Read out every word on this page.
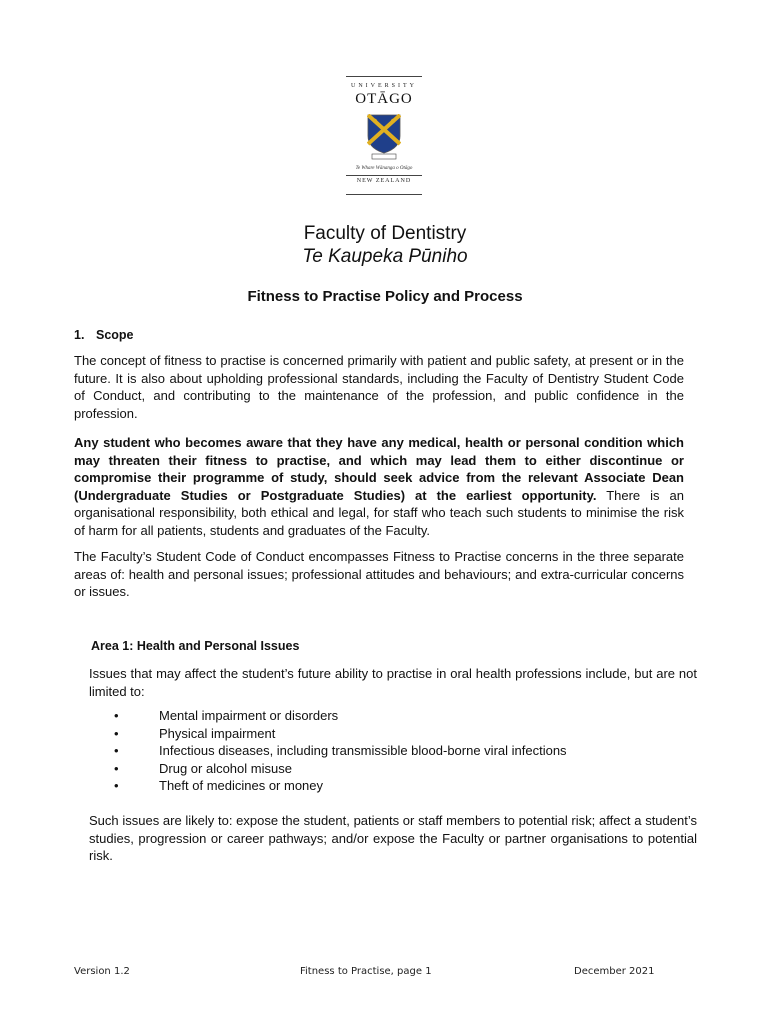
UNIVERSITY
OTĀGO
Te Whare Wānanga o Otāgo
NEW ZEALAND
Faculty of Dentistry
Te Kaupeka Pūniho
Fitness to Practise Policy and Process
1. Scope
The concept of fitness to practise is concerned primarily with patient and public safety, at present or in the future. It is also about upholding professional standards, including the Faculty of Dentistry Student Code of Conduct, and contributing to the maintenance of the profession, and public confidence in the profession.
Any student who becomes aware that they have any medical, health or personal condition which may threaten their fitness to practise, and which may lead them to either discontinue or compromise their programme of study, should seek advice from the relevant Associate Dean (Undergraduate Studies or Postgraduate Studies) at the earliest opportunity. There is an organisational responsibility, both ethical and legal, for staff who teach such students to minimise the risk of harm for all patients, students and graduates of the Faculty.
The Faculty’s Student Code of Conduct encompasses Fitness to Practise concerns in the three separate areas of: health and personal issues; professional attitudes and behaviours; and extra-curricular concerns or issues.
Area 1: Health and Personal Issues
Issues that may affect the student’s future ability to practise in oral health professions include, but are not limited to:
•	Mental impairment or disorders
•	Physical impairment
•	Infectious diseases, including transmissible blood-borne viral infections
•	Drug or alcohol misuse
•	Theft of medicines or money
Such issues are likely to: expose the student, patients or staff members to potential risk; affect a student’s studies, progression or career pathways; and/or expose the Faculty or partner organisations to potential risk.
Version 1.2	Fitness to Practise, page 1	December 2021
